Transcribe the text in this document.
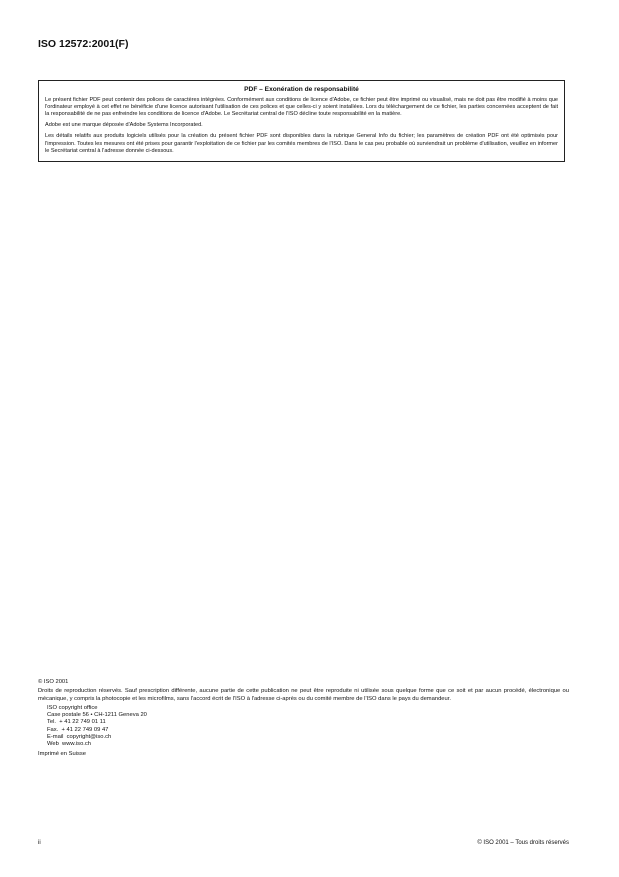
ISO 12572:2001(F)
PDF – Exonération de responsabilité

Le présent fichier PDF peut contenir des polices de caractères intégrées. Conformément aux conditions de licence d'Adobe, ce fichier peut être imprimé ou visualisé, mais ne doit pas être modifié à moins que l'ordinateur employé à cet effet ne bénéficie d'une licence autorisant l'utilisation de ces polices et que celles-ci y soient installées. Lors du téléchargement de ce fichier, les parties concernées acceptent de fait la responsabilité de ne pas enfreindre les conditions de licence d'Adobe. Le Secrétariat central de l'ISO décline toute responsabilité en la matière.

Adobe est une marque déposée d'Adobe Systems Incorporated.

Les détails relatifs aux produits logiciels utilisés pour la création du présent fichier PDF sont disponibles dans la rubrique General Info du fichier; les paramètres de création PDF ont été optimisés pour l'impression. Toutes les mesures ont été prises pour garantir l'exploitation de ce fichier par les comités membres de l'ISO. Dans le cas peu probable où surviendrait un problème d'utilisation, veuillez en informer le Secrétariat central à l'adresse donnée ci-dessous.

© ISO 2001
Droits de reproduction réservés. Sauf prescription différente, aucune partie de cette publication ne peut être reproduite ni utilisée sous quelque forme que ce soit et par aucun procédé, électronique ou mécanique, y compris la photocopie et les microfilms, sans l'accord écrit de l'ISO à l'adresse ci-après ou du comité membre de l'ISO dans le pays du demandeur.
ISO copyright office
Case postale 56 • CH-1211 Geneva 20
Tel.  + 41 22 749 01 11
Fax.  + 41 22 749 09 47
E-mail  copyright@iso.ch
Web  www.iso.ch
Imprimé en Suisse
ii	© ISO 2001 – Tous droits réservés
